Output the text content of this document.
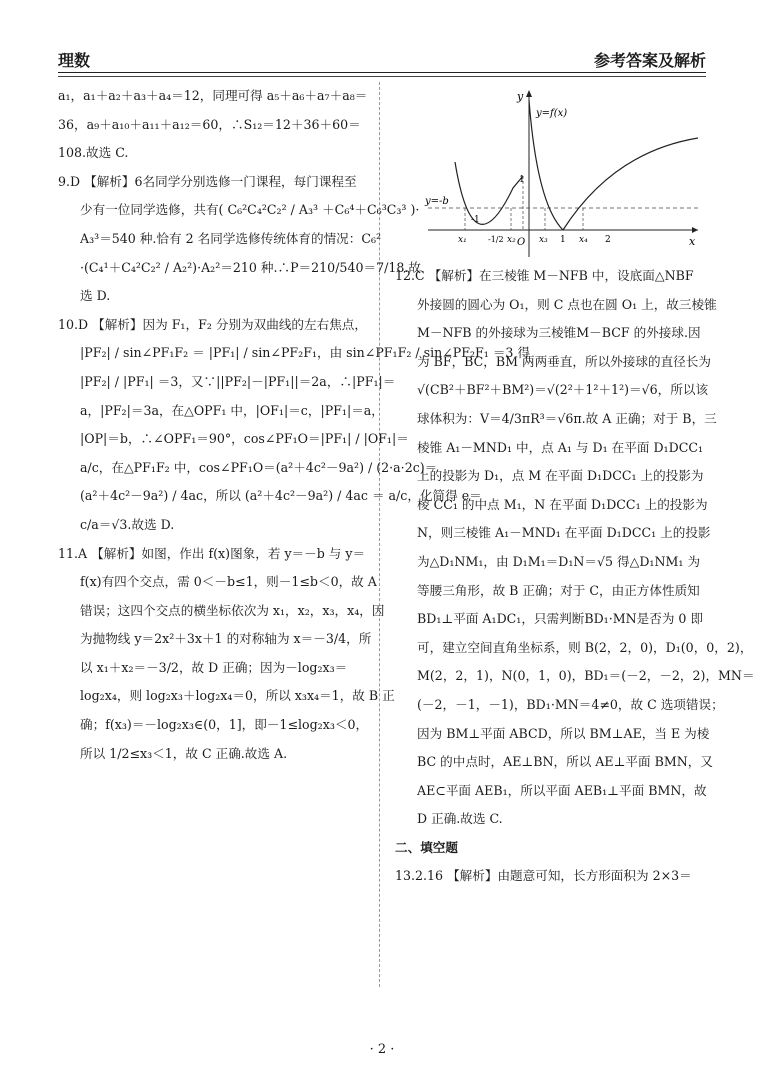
理数	参考答案及解析
a₁，a₁＋a₂＋a₃＋a₄＝12，同理可得 a₅＋a₆＋a₇＋a₈＝
36，a₉＋a₁₀＋a₁₁＋a₁₂＝60，∴S₁₂＝12＋36＋60＝
108.故选 C.
9.D 【解析】6名同学分别选修一门课程，每门课程至
少有一位同学选修，共有( C₆²C₄²C₂² / A₃³ ＋C₆⁴＋C₆³C₃³ )·
A₃³＝540 种.恰有 2 名同学选修传统体育的情况：C₆²
·(C₄¹＋C₄²C₂² / A₂²)·A₂²＝210 种.∴P＝210/540＝7/18.故
选 D.
10.D 【解析】因为 F₁，F₂ 分别为双曲线的左右焦点，
|PF₂| / sin∠PF₁F₂ ＝ |PF₁| / sin∠PF₂F₁，由 sin∠PF₁F₂ / sin∠PF₂F₁ ＝3 得
|PF₂| / |PF₁| ＝3，又∵||PF₂|－|PF₁||＝2a，∴|PF₁|＝
a，|PF₂|＝3a，在△OPF₁ 中，|OF₁|＝c，|PF₁|＝a，
|OP|＝b，∴∠OPF₁＝90°，cos∠PF₁O＝|PF₁| / |OF₁|＝
a/c，在△PF₁F₂ 中，cos∠PF₁O＝(a²＋4c²－9a²) / (2·a·2c)＝
(a²＋4c²－9a²) / 4ac，所以 (a²＋4c²－9a²) / 4ac ＝ a/c，化简得 e＝
c/a＝√3.故选 D.
11.A 【解析】如图，作出 f(x)图象，若 y＝－b 与 y＝
f(x)有四个交点，需 0＜－b≤1，则－1≤b＜0，故 A
错误；这四个交点的横坐标依次为 x₁，x₂，x₃，x₄，因
为抛物线 y＝2x²＋3x＋1 的对称轴为 x＝－3/4，所
以 x₁＋x₂＝－3/2，故 D 正确；因为－log₂x₃＝
log₂x₄，则 log₂x₃＋log₂x₄＝0，所以 x₃x₄＝1，故 B 正
确；f(x₃)＝－log₂x₃∈(0，1]，即－1≤log₂x₃＜0，
所以 1/2≤x₃＜1，故 C 正确.故选 A.
y
x
O
y=-b
y=f(x)
x₁
-1
-1/2 x₂	x₃ 1 x₄ 2
1
12.C 【解析】在三棱锥 M－NFB 中，设底面△NBF
外接圆的圆心为 O₁，则 C 点也在圆 O₁ 上，故三棱锥
M－NFB 的外接球为三棱锥M－BCF 的外接球.因
为 BF，BC，BM 两两垂直，所以外接球的直径长为
√(CB²＋BF²＋BM²)＝√(2²＋1²＋1²)＝√6，所以该
球体积为：V＝4/3πR³＝√6π.故 A 正确；对于 B，三
棱锥 A₁－MND₁ 中，点 A₁ 与 D₁ 在平面 D₁DCC₁
上的投影为 D₁，点 M 在平面 D₁DCC₁ 上的投影为
棱 CC₁ 的中点 M₁，N 在平面 D₁DCC₁ 上的投影为
N，则三棱锥 A₁－MND₁ 在平面 D₁DCC₁ 上的投影
为△D₁NM₁，由 D₁M₁＝D₁N＝√5 得△D₁NM₁ 为
等腰三角形，故 B 正确；对于 C，由正方体性质知
BD₁⊥平面 A₁DC₁，只需判断BD₁·MN是否为 0 即
可，建立空间直角坐标系，则 B(2，2，0)，D₁(0，0，2)，
M(2，2，1)，N(0，1，0)，BD₁＝(－2，－2，2)，MN＝
(－2，－1，－1)，BD₁·MN＝4≠0，故 C 选项错误；
因为 BM⊥平面 ABCD，所以 BM⊥AE，当 E 为棱
BC 的中点时，AE⊥BN，所以 AE⊥平面 BMN，又
AE⊂平面 AEB₁，所以平面 AEB₁⊥平面 BMN，故
D 正确.故选 C.
二、填空题
13.2.16 【解析】由题意可知，长方形面积为 2×3＝
· 2 ·
